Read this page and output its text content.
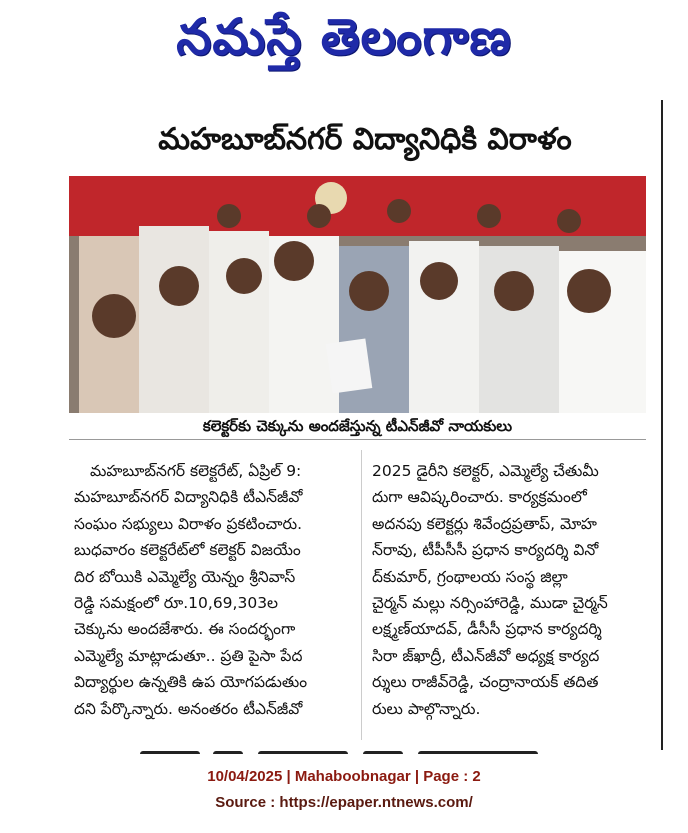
నమస్తే తెలంగాణ
మహబూబ్‌నగర్ విద్యానిధికి విరాళం
కలెక్టర్‌కు చెక్కును అందజేస్తున్న టీఎన్‌జీవో నాయకులు

మహబూబ్‌నగర్ కలెక్టరేట్, ఏప్రిల్ 9:

మహబూబ్‌నగర్ విద్యానిధికి టీఎన్‌జీవో

సంఘం సభ్యులు విరాళం ప్రకటించారు.

బుధవారం కలెక్టరేట్‌లో కలెక్టర్ విజయేం

దిర బోయికి ఎమ్మెల్యే యెన్నం శ్రీనివాస్

రెడ్డి సమక్షంలో రూ.10,69,303ల

చెక్కును అందజేశారు. ఈ సందర్భంగా

ఎమ్మెల్యే మాట్లాడుతూ.. ప్రతి పైసా పేద

విద్యార్థుల ఉన్నతికి ఉప యోగపడుతుం

దని పేర్కొన్నారు. అనంతరం టీఎన్‌జీవో

2025 డైరీని కలెక్టర్, ఎమ్మెల్యే చేతుమీ

దుగా ఆవిష్కరించారు. కార్యక్రమంలో

అదనపు కలెక్టర్లు శివేంద్రప్రతాప్, మోహ

న్‌రావు, టీపీసీసీ ప్రధాన కార్యదర్శి వినో

ద్‌కుమార్, గ్రంథాలయ సంస్థ జిల్లా

చైర్మన్ మల్లు నర్సింహారెడ్డి, ముడా చైర్మన్

లక్ష్మణ్‌యాదవ్, డీసీసీ ప్రధాన కార్యదర్శి

సిరా జ్‌ఖాద్రీ, టీఎన్‌జీవో అధ్యక్ష కార్యద

ర్శులు రాజీవ్‌రెడ్డి, చంద్రానాయక్ తదిత

రులు పాల్గొన్నారు.

10/04/2025 | Mahaboobnagar | Page : 2
Source : https://epaper.ntnews.com/
